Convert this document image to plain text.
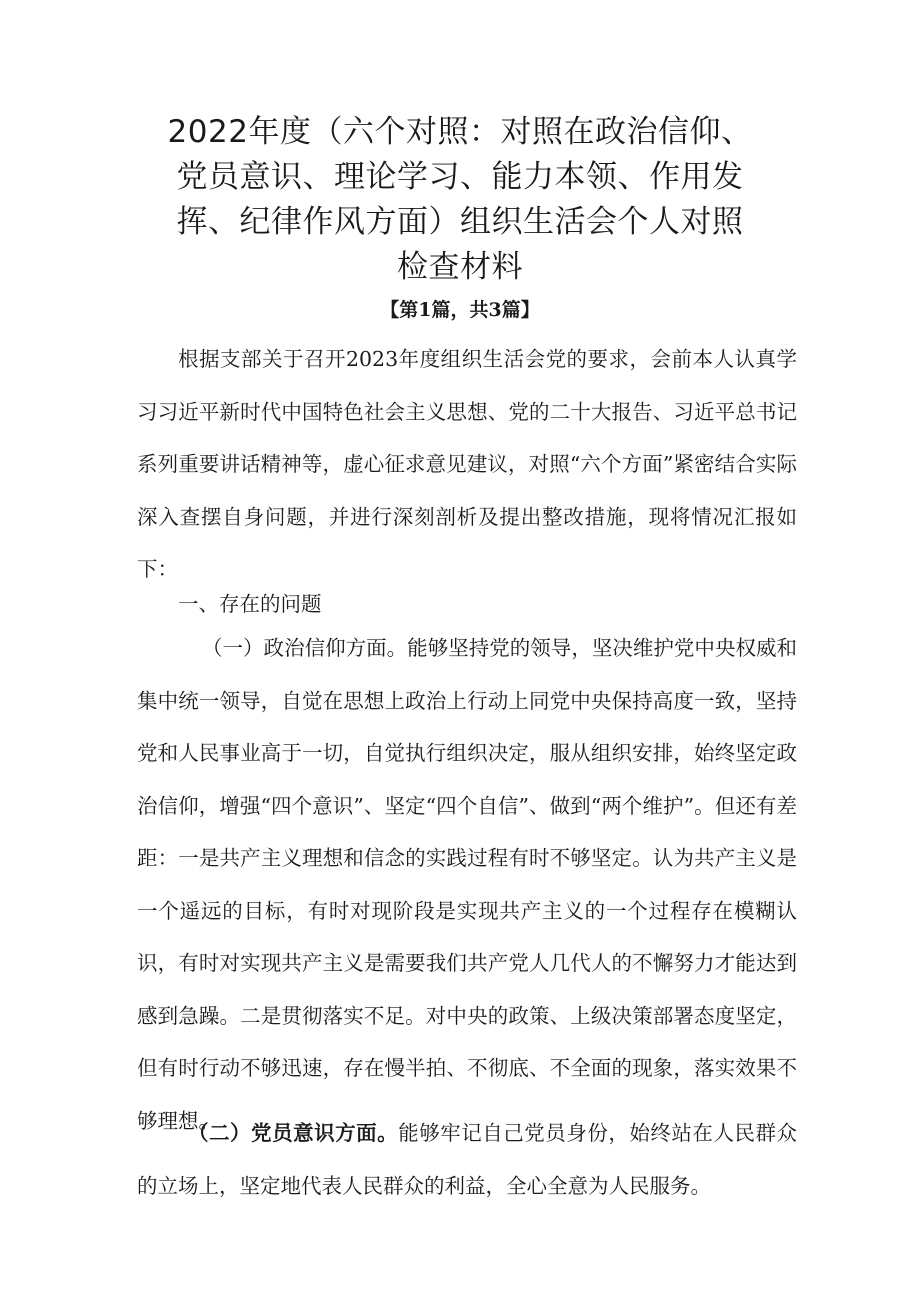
2022年度（六个对照：对照在政治信仰、
党员意识、理论学习、能力本领、作用发
挥、纪律作风方面）组织生活会个人对照
检查材料

【第1篇，共3篇】

根据支部关于召开2023年度组织生活会党的要求，会前本人认真学习习近平新时代中国特色社会主义思想、党的二十大报告、习近平总书记系列重要讲话精神等，虚心征求意见建议，对照“六个方面”紧密结合实际深入查摆自身问题，并进行深刻剖析及提出整改措施，现将情况汇报如下：

一、存在的问题

（一）政治信仰方面。能够坚持党的领导，坚决维护党中央权威和集中统一领导，自觉在思想上政治上行动上同党中央保持高度一致，坚持党和人民事业高于一切，自觉执行组织决定，服从组织安排，始终坚定政治信仰，增强“四个意识”、坚定“四个自信”、做到“两个维护”。但还有差距：一是共产主义理想和信念的实践过程有时不够坚定。认为共产主义是一个遥远的目标，有时对现阶段是实现共产主义的一个过程存在模糊认识，有时对实现共产主义是需要我们共产党人几代人的不懈努力才能达到感到急躁。二是贯彻落实不足。对中央的政策、上级决策部署态度坚定，但有时行动不够迅速，存在慢半拍、不彻底、不全面的现象，落实效果不够理想。

（二）党员意识方面。能够牢记自己党员身份，始终站在人民群众的立场上，坚定地代表人民群众的利益，全心全意为人民服务。
